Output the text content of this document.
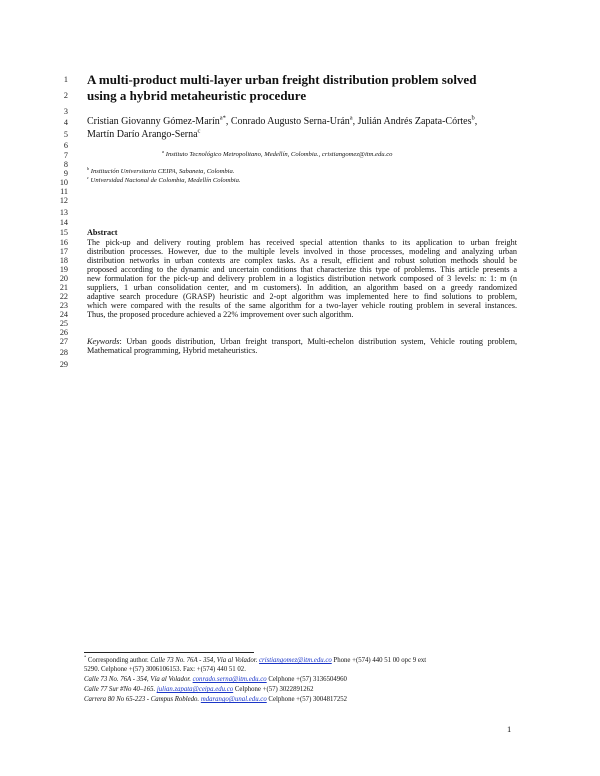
1
2
3
4
5
6
7
8
9
10
11
12
13
14
15
16
17
18
19
20
21
22
23
24
25
26
27
28
29
A multi-product multi-layer urban freight distribution problem solved
using a hybrid metaheuristic procedure
Cristian Giovanny Gómez-Marín$^{a*}$, Conrado Augusto Serna-Urán$^a$, Julián Andrés Zapata-Córtes$^b$,
Martín Darío Arango-Serna$^c$
$^a$ Instituto Tecnológico Metropolitano, Medellín, Colombia., cristiangomez@itm.edu.co
$^b$ Institución Universitaria CEIPA, Sabaneta, Colombia.
$^c$ Universidad Nacional de Colombia, Medellín Colombia.
Abstract
The pick-up and delivery routing problem has received special attention thanks to its application to urban freight
distribution processes. However, due to the multiple levels involved in those processes, modeling and analyzing urban
distribution networks in urban contexts are complex tasks. As a result, efficient and robust solution methods should be
proposed according to the dynamic and uncertain conditions that characterize this type of problems. This article presents a
new formulation for the pick-up and delivery problem in a logistics distribution network composed of 3 levels: n: 1: m (n
suppliers, 1 urban consolidation center, and m customers). In addition, an algorithm based on a greedy randomized
adaptive search procedure (GRASP) heuristic and 2-opt algorithm was implemented here to find solutions to problem,
which were compared with the results of the same algorithm for a two-layer vehicle routing problem in several instances.
Thus, the proposed procedure achieved a 22% improvement over such algorithm.
Keywords: Urban goods distribution, Urban freight transport, Multi-echelon distribution system, Vehicle routing problem,
Mathematical programming, Hybrid metaheuristics.
* Corresponding author. Calle 73 No. 76A - 354, Vía al Volador. cristiangomez@itm.edu.co Phone +(574) 440 51 00 opc 9 ext
5290. Celphone +(57) 3006106153. Fax: +(574) 440 51 02.
Calle 73 No. 76A - 354, Vía al Volador. conrado.serna@itm.edu.co Celphone +(57) 3136504960
Calle 77 Sur #No 40–165. julian.zapata@ceipa.edu.co Celphone +(57) 3022891262
Carrera 80 No 65-223 - Campus Robledo. mdarango@unal.edu.co Celphone +(57) 3004817252
1
